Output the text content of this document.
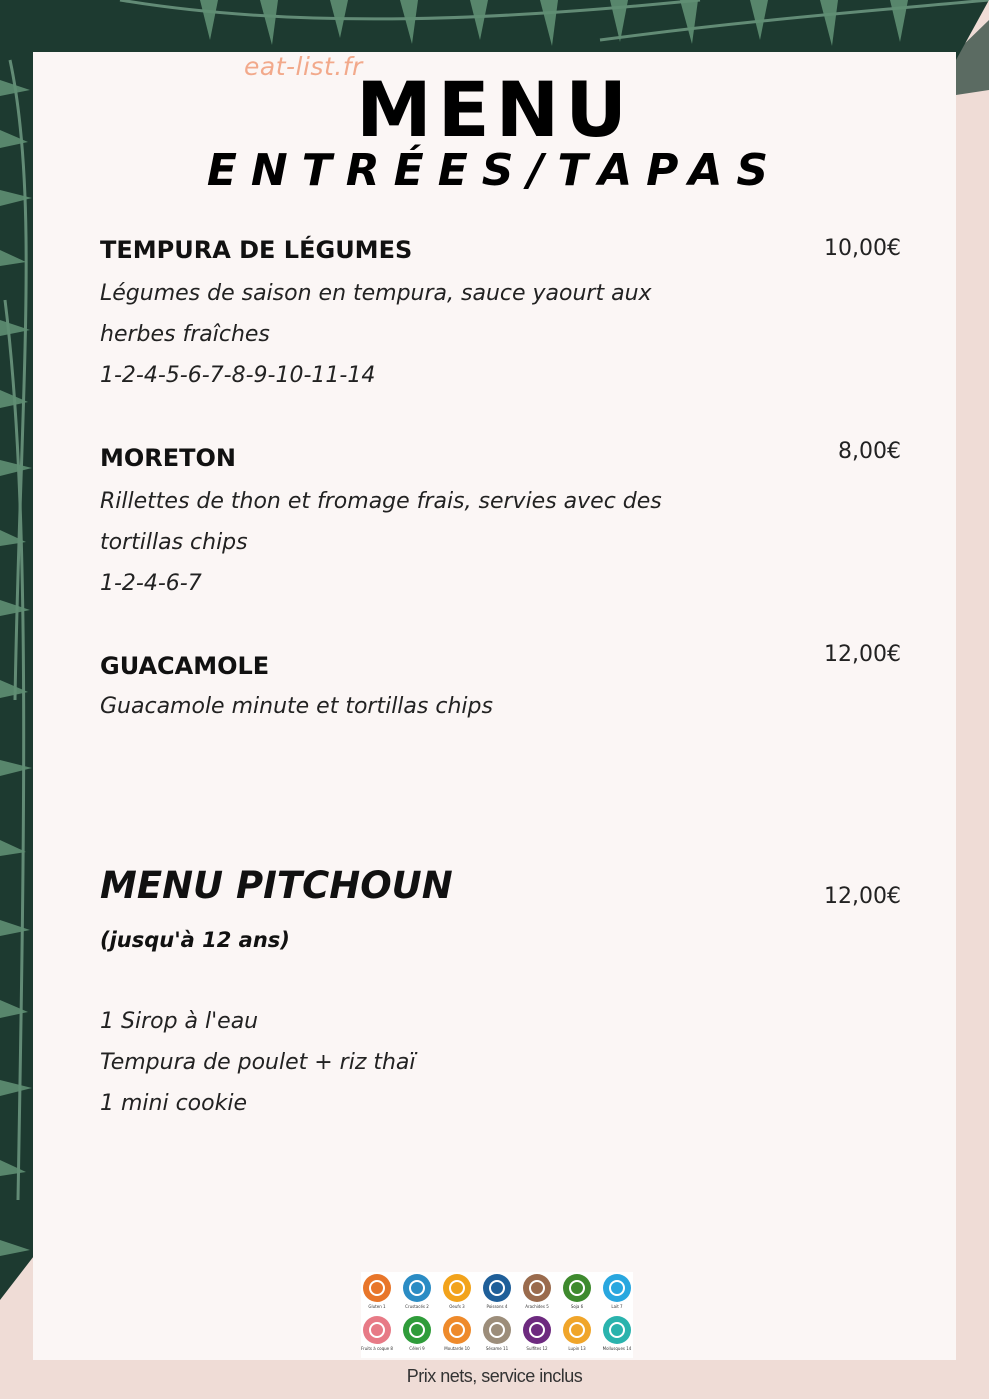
eat-list.fr
MENU
ENTRÉES/TAPAS
TEMPURA DE LÉGUMES	10,00€
Légumes de saison en tempura, sauce yaourt aux
herbes fraîches
1-2-4-5-6-7-8-9-10-11-14
MORETON	8,00€
Rillettes de thon et fromage frais, servies avec des
tortillas chips
1-2-4-6-7
GUACAMOLE	12,00€
Guacamole minute et tortillas chips
MENU PITCHOUN	12,00€
(jusqu'à 12 ans)
1 Sirop à l'eau
Tempura de poulet + riz thaï
1 mini cookie
Gluten 1	Crustacés 2	Oeufs 3	Poissons 4	Arachides 5	Soja 6	Lait 7
Fruits à coque 8	Céleri 9	Moutarde 10	Sésame 11	Sulfites 12	Lupin 13	Mollusques 14
Prix nets, service inclus
